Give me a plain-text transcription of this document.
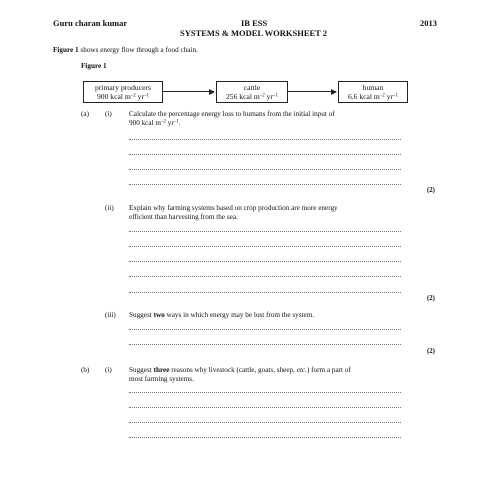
Guru charan kumar	IB ESS
SYSTEMS & MODEL WORKSHEET 2
2013
Figure 1 shows energy flow through a food chain.
Figure 1
primary producers
900 kcal $m^{-2}$ $yr^{-1}$
cattle
256 kcal $m^{-2}$ $yr^{-1}$
human
6.6 kcal $m^{-2}$ $yr^{-1}$
(a) (i) Calculate the percentage energy loss to humans from the initial input of
900 kcal $m^{-2}$ $yr^{-1}$.
(2)
(ii) Explain why farming systems based on crop production are more energy
efficient than harvesting from the sea.
(2)
(iii) Suggest two ways in which energy may be lost from the system.
(2)
(b) (i) Suggest three reasons why livestock (cattle, goats, sheep, etc.) form a part of
most farming systems.
